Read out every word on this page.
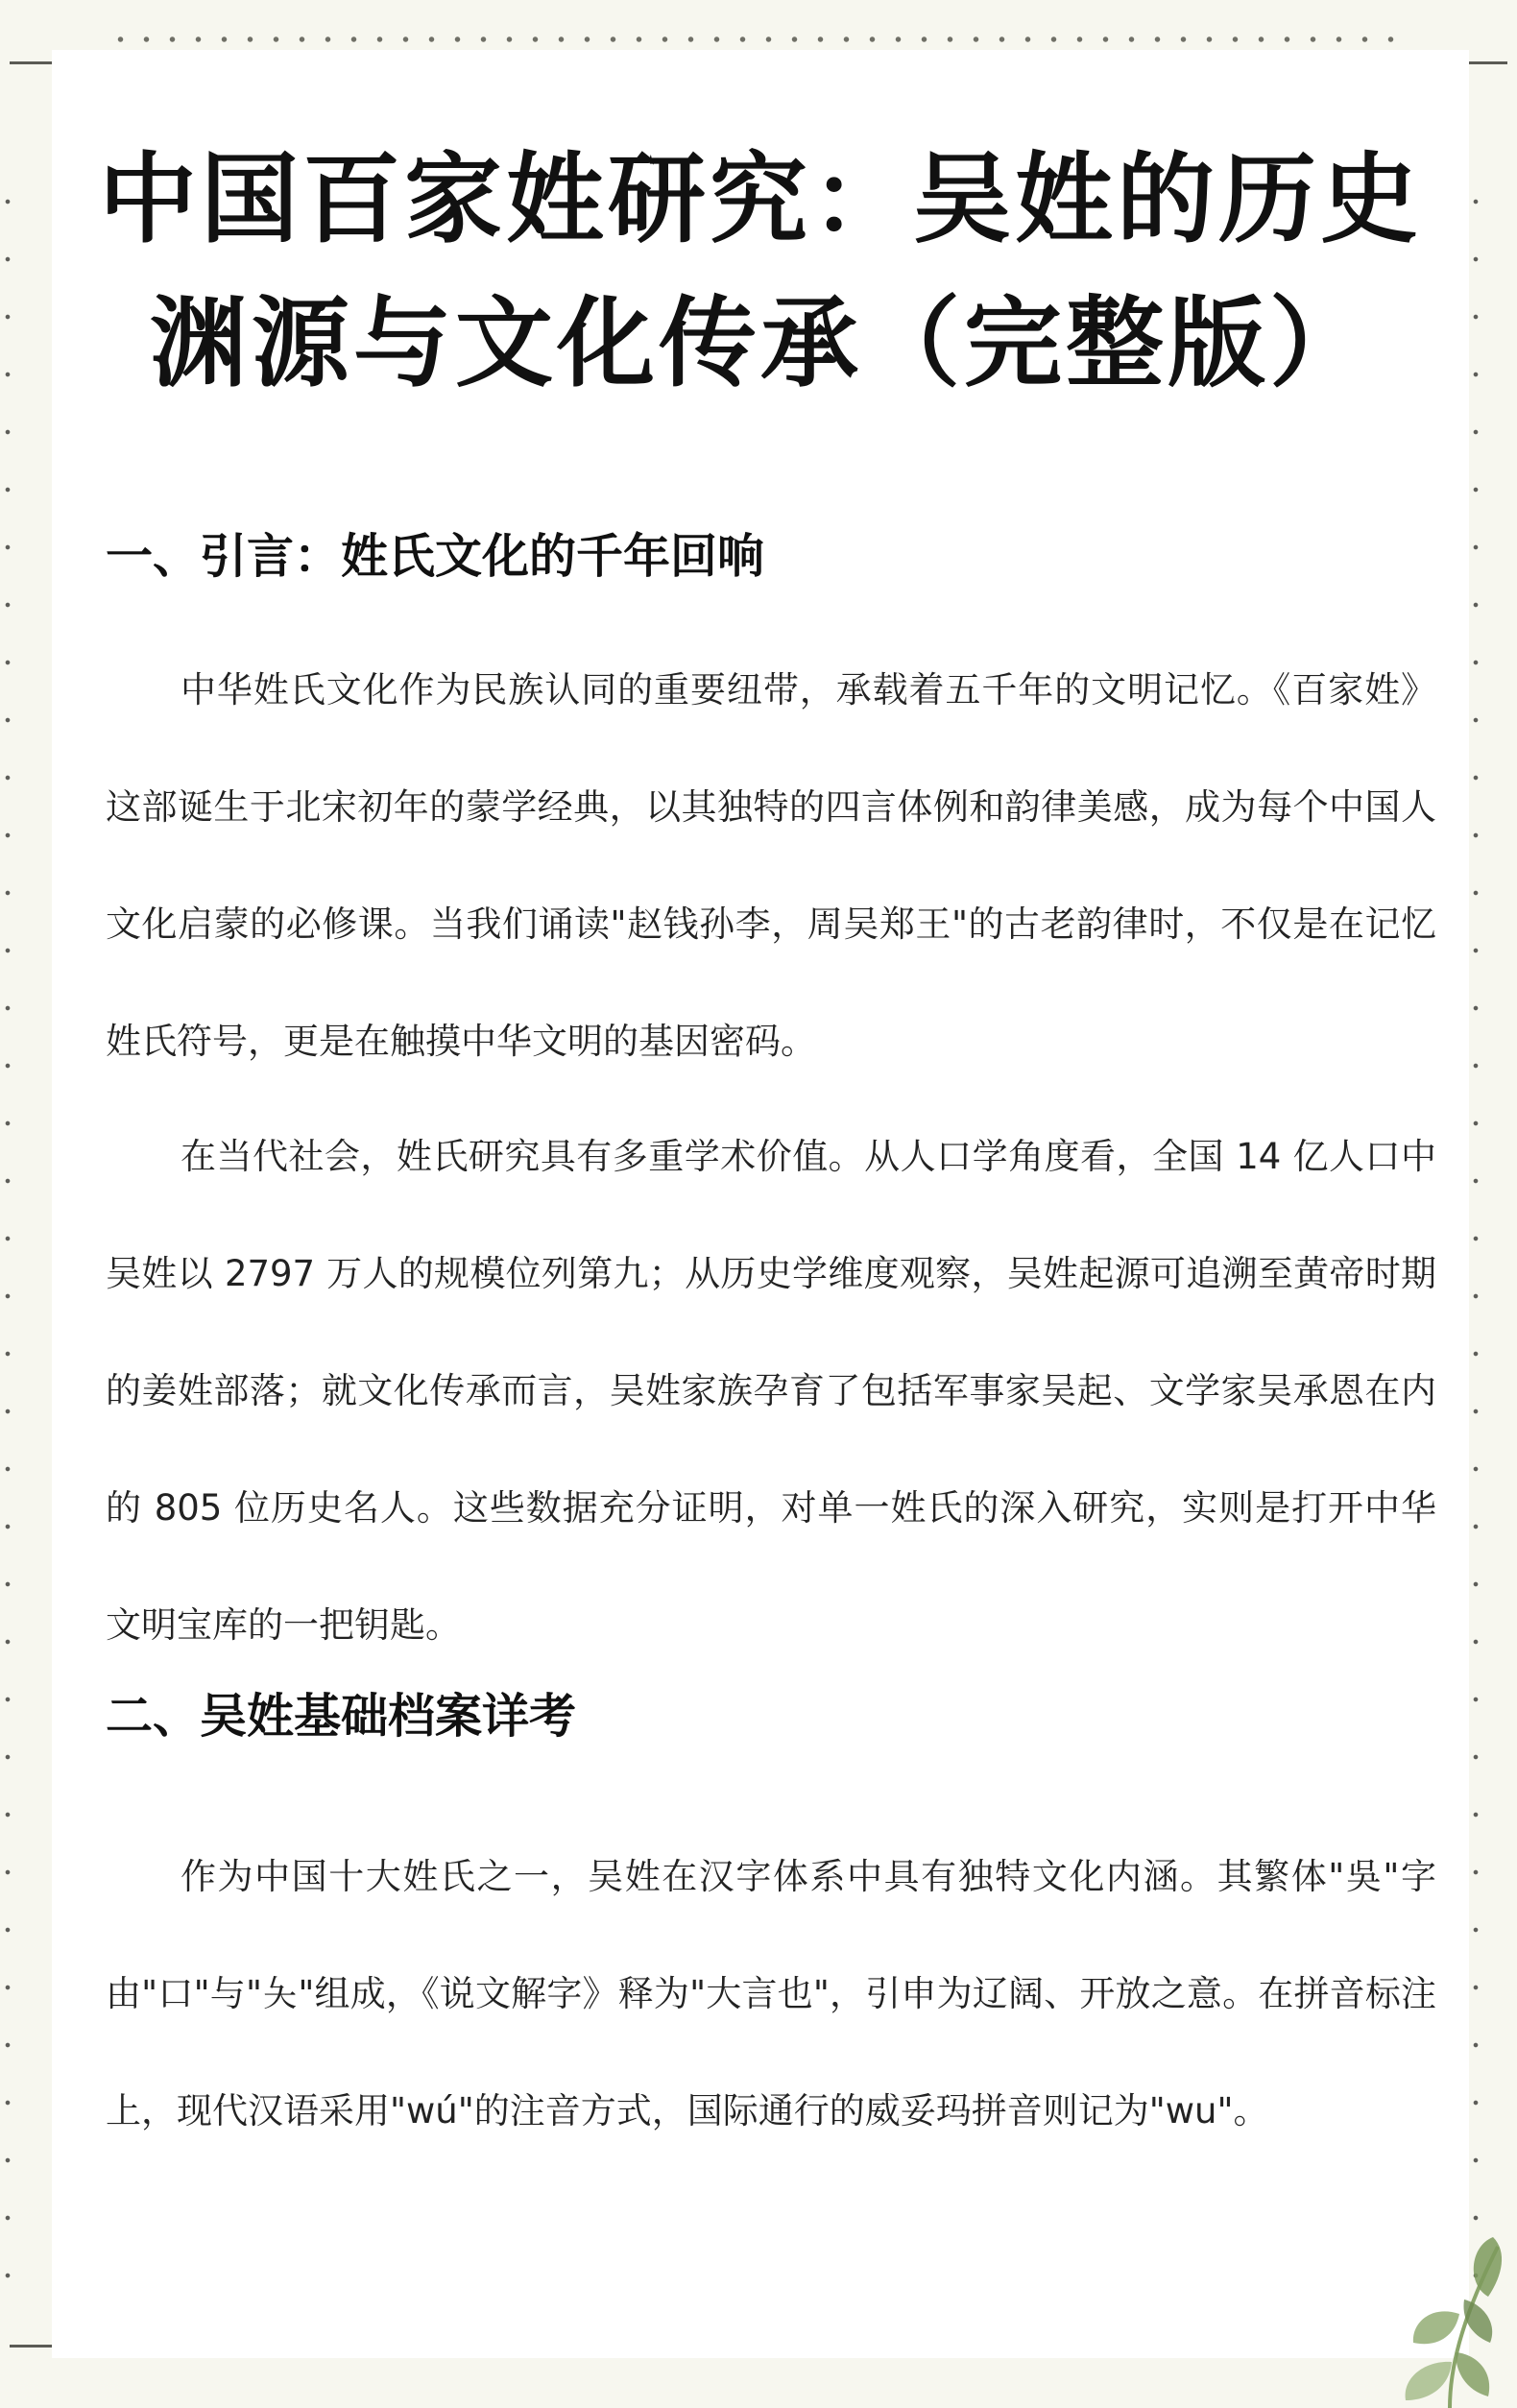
中国百家姓研究：吴姓的历史
渊源与文化传承（完整版）
一、引言：姓氏文化的千年回响

中华姓氏文化作为民族认同的重要纽带，承载着五千年的文明记忆。《百家姓》这部诞生于北宋初年的蒙学经典，以其独特的四言体例和韵律美感，成为每个中国人文化启蒙的必修课。当我们诵读"赵钱孙李，周吴郑王"的古老韵律时，不仅是在记忆姓氏符号，更是在触摸中华文明的基因密码。

在当代社会，姓氏研究具有多重学术价值。从人口学角度看，全国 14 亿人口中吴姓以 2797 万人的规模位列第九；从历史学维度观察，吴姓起源可追溯至黄帝时期的姜姓部落；就文化传承而言，吴姓家族孕育了包括军事家吴起、文学家吴承恩在内的 805 位历史名人。这些数据充分证明，对单一姓氏的深入研究，实则是打开中华文明宝库的一把钥匙。

二、吴姓基础档案详考

作为中国十大姓氏之一，吴姓在汉字体系中具有独特文化内涵。其繁体"吳"字由"口"与"夨"组成，《说文解字》释为"大言也"，引申为辽阔、开放之意。在拼音标注上，现代汉语采用"wú"的注音方式，国际通行的威妥玛拼音则记为"wu"。
